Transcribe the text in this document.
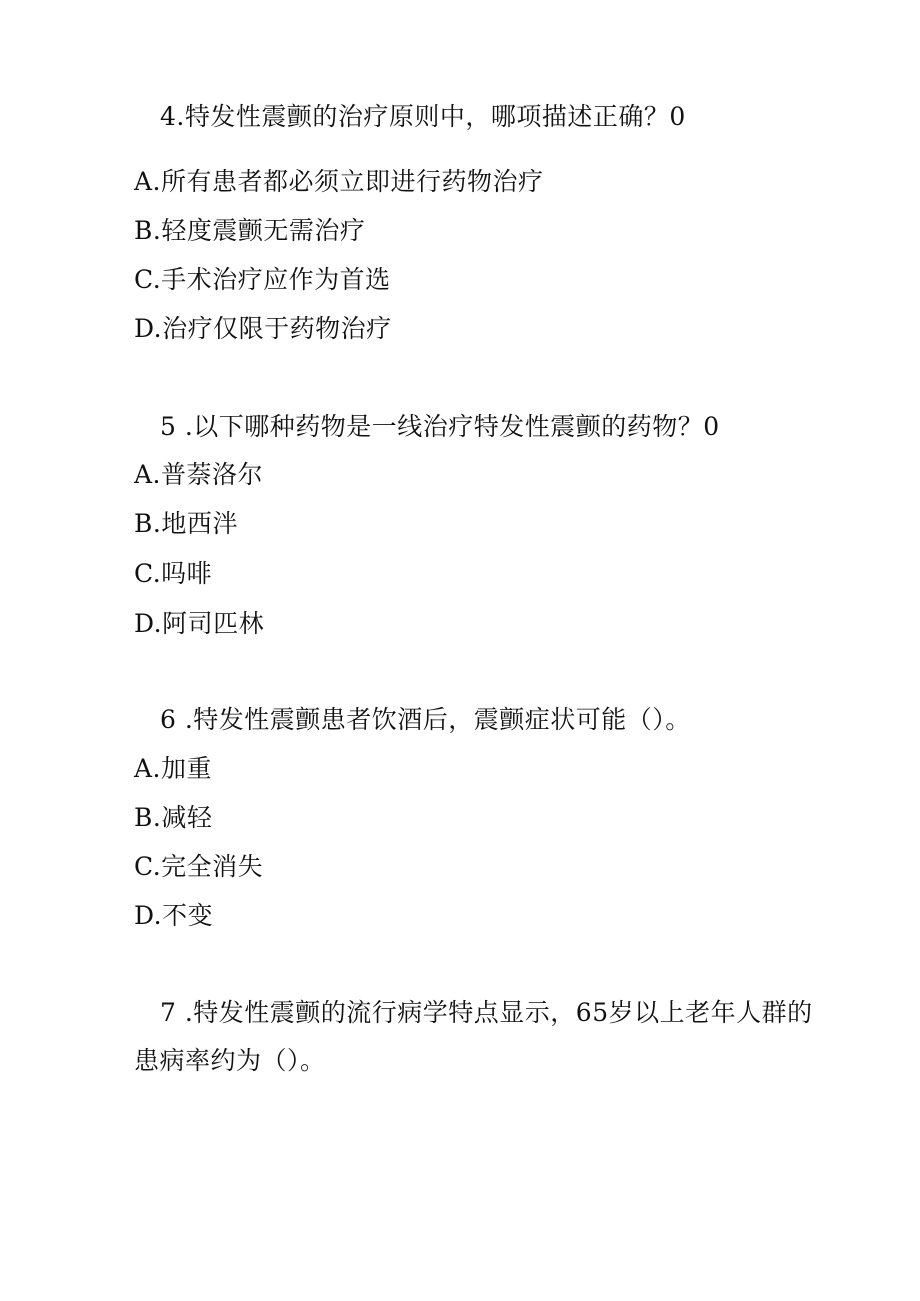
4.特发性震颤的治疗原则中，哪项描述正确？0
A.所有患者都必须立即进行药物治疗
B.轻度震颤无需治疗
C.手术治疗应作为首选
D.治疗仅限于药物治疗
5 .以下哪种药物是一线治疗特发性震颤的药物？0
A.普萘洛尔
B.地西泮
C.吗啡
D.阿司匹林
6 .特发性震颤患者饮酒后，震颤症状可能（）。
A.加重
B.减轻
C.完全消失
D.不变
7 .特发性震颤的流行病学特点显示，65岁以上老年人群的
患病率约为（）。
